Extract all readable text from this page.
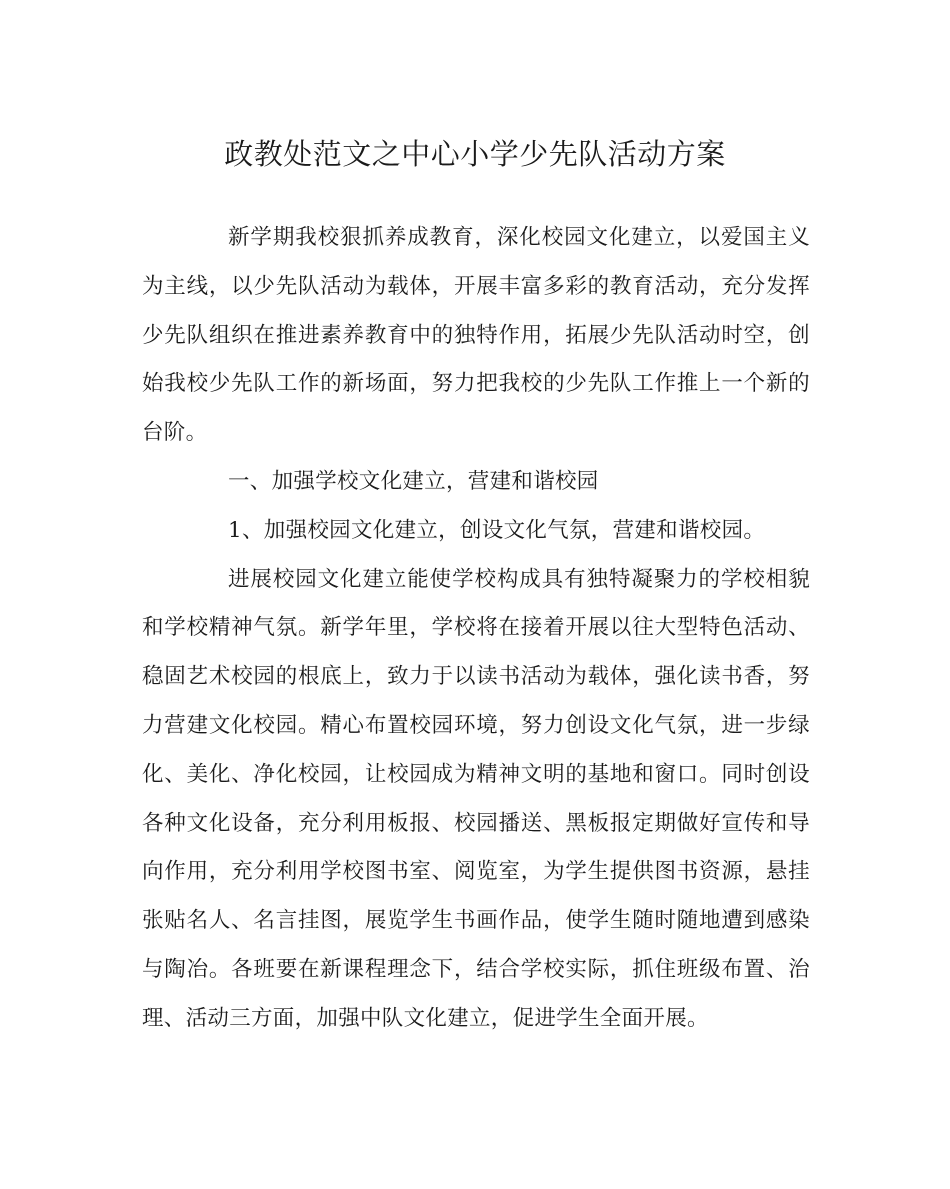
政教处范文之中心小学少先队活动方案

新学期我校狠抓养成教育，深化校园文化建立，以爱国主义为主线，以少先队活动为载体，开展丰富多彩的教育活动，充分发挥少先队组织在推进素养教育中的独特作用，拓展少先队活动时空，创始我校少先队工作的新场面，努力把我校的少先队工作推上一个新的台阶。

一、加强学校文化建立，营建和谐校园

1、加强校园文化建立，创设文化气氛，营建和谐校园。

进展校园文化建立能使学校构成具有独特凝聚力的学校相貌和学校精神气氛。新学年里，学校将在接着开展以往大型特色活动、稳固艺术校园的根底上，致力于以读书活动为载体，强化读书香，努力营建文化校园。精心布置校园环境，努力创设文化气氛，进一步绿化、美化、净化校园，让校园成为精神文明的基地和窗口。同时创设各种文化设备，充分利用板报、校园播送、黑板报定期做好宣传和导向作用，充分利用学校图书室、阅览室，为学生提供图书资源，悬挂张贴名人、名言挂图，展览学生书画作品，使学生随时随地遭到感染与陶冶。各班要在新课程理念下，结合学校实际，抓住班级布置、治理、活动三方面，加强中队文化建立，促进学生全面开展。
